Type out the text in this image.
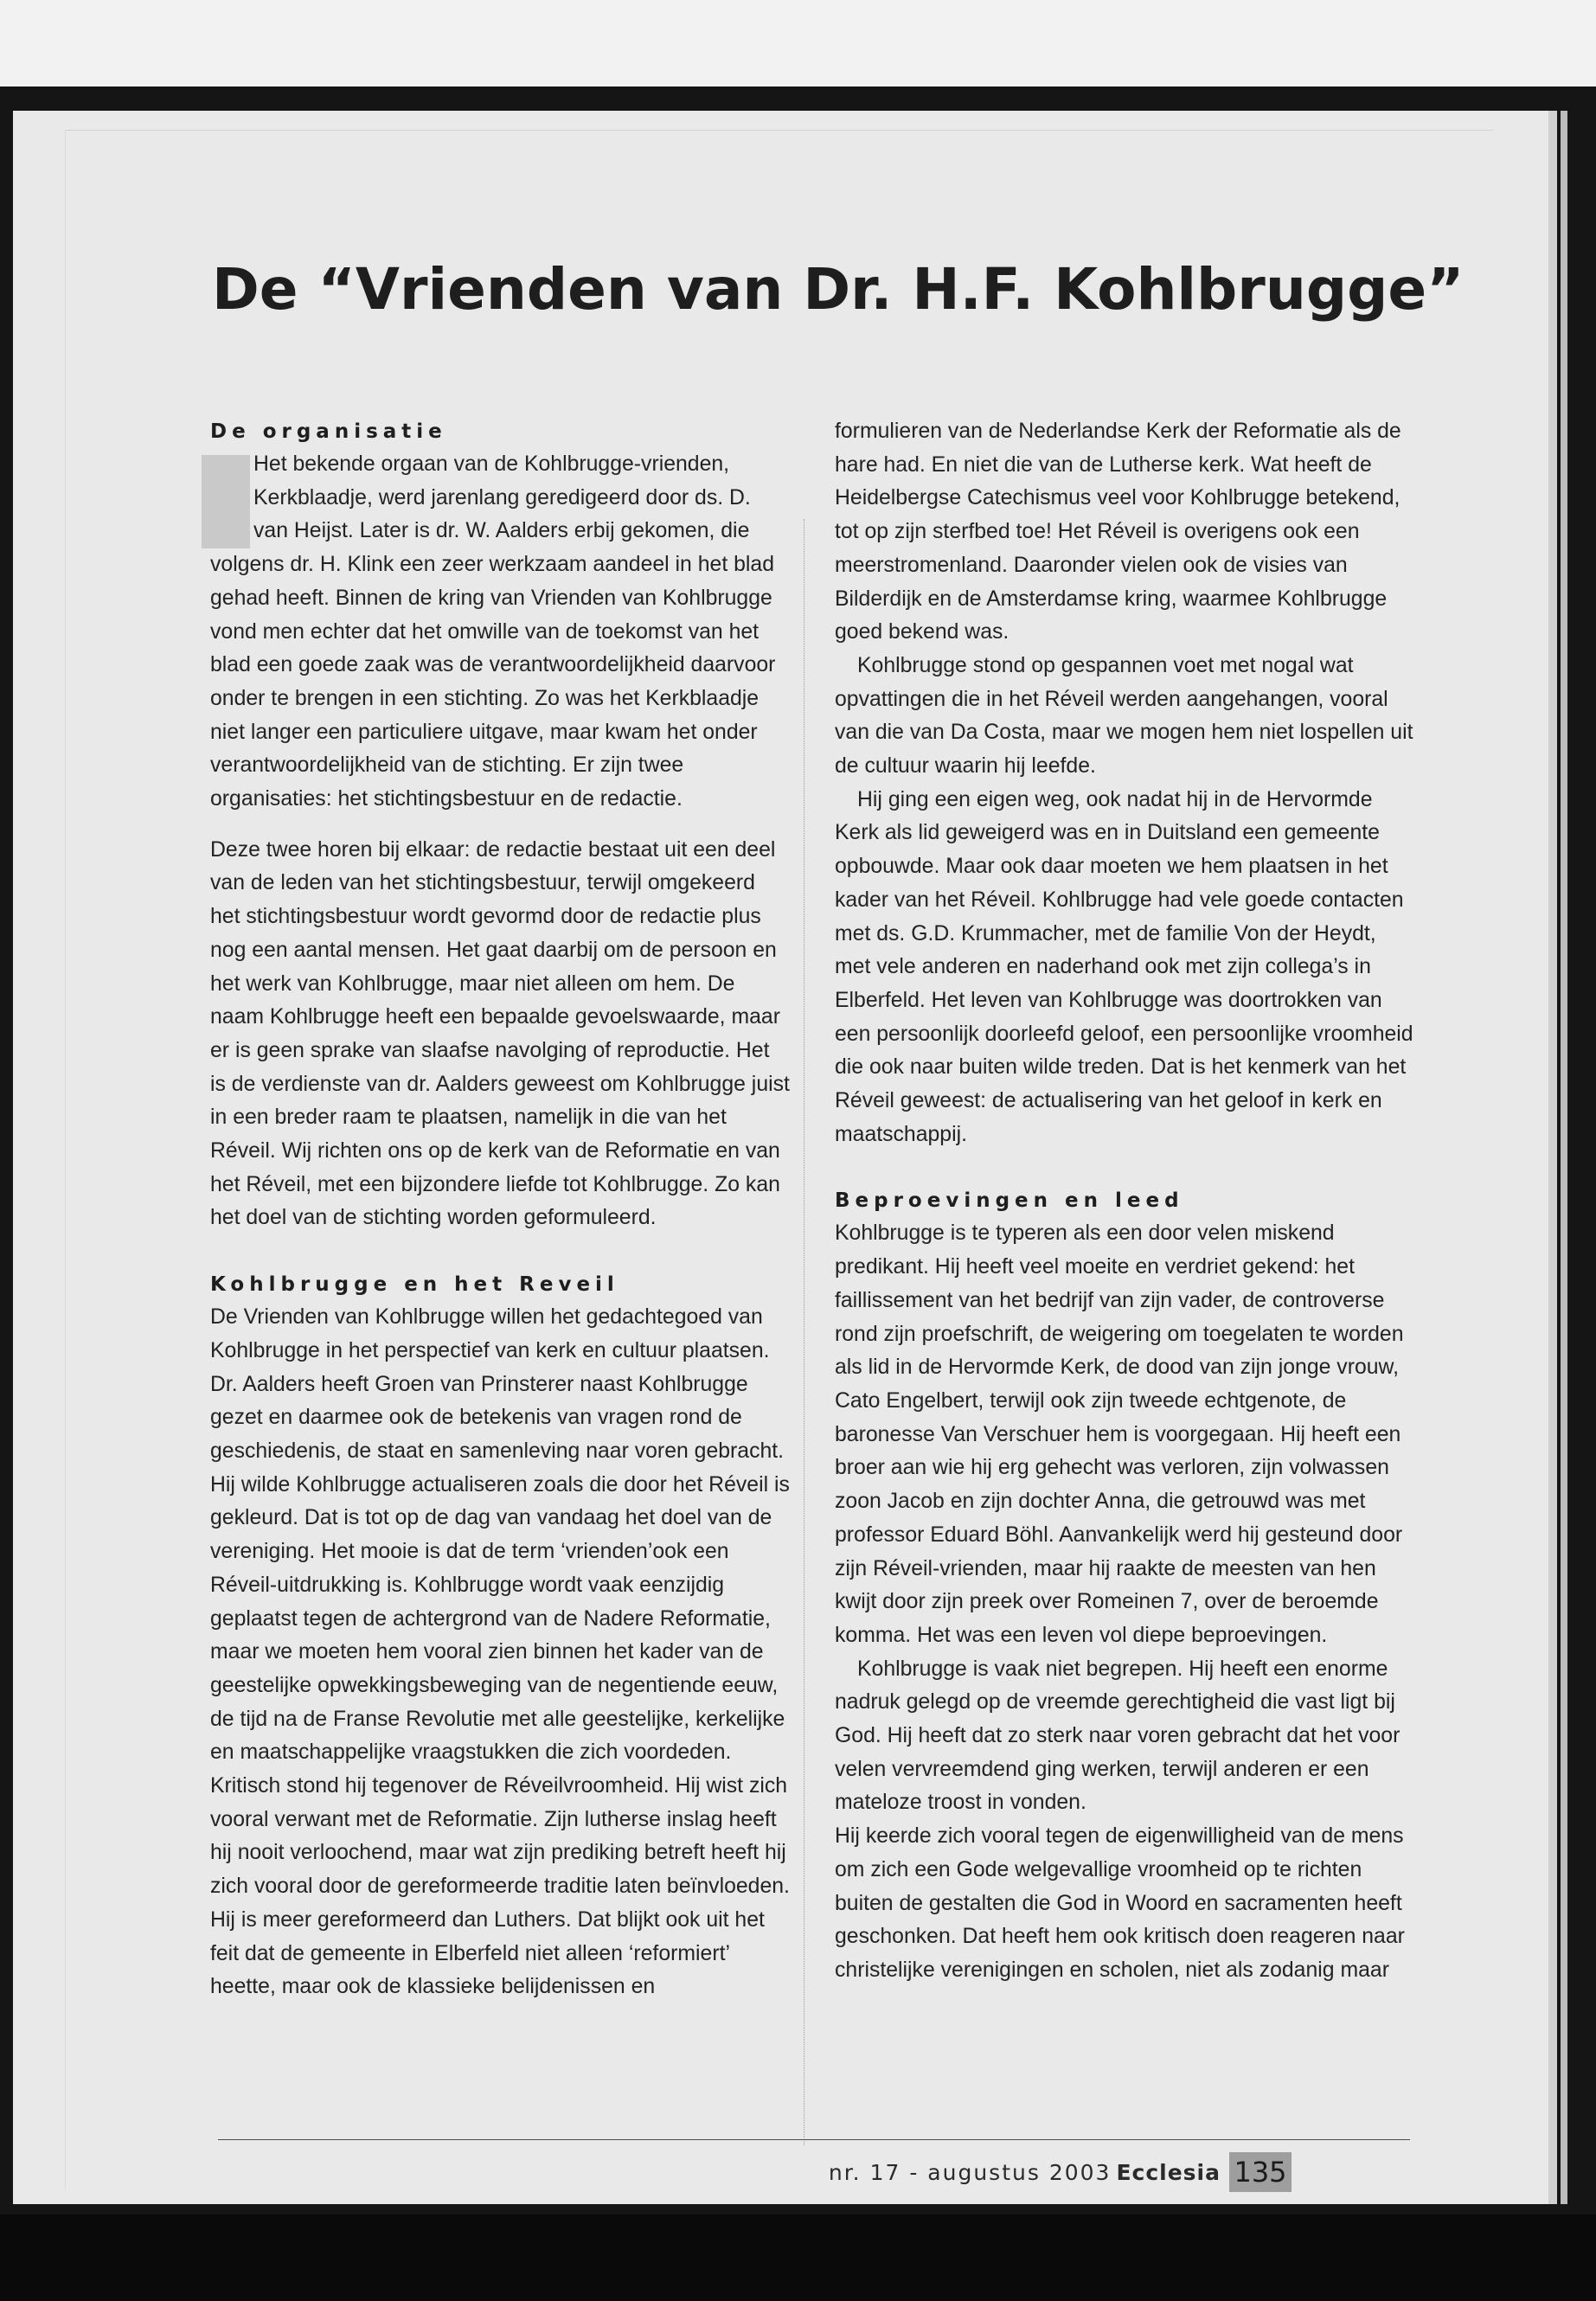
De “Vrienden van Dr. H.F. Kohlbrugge”
De organisatie

Het bekende orgaan van de Kohlbrugge-vrienden, Kerkblaadje, werd jarenlang geredigeerd door ds. D. van Heijst. Later is dr. W. Aalders erbij gekomen, die volgens dr. H. Klink een zeer werkzaam aandeel in het blad gehad heeft. Binnen de kring van Vrienden van Kohlbrugge vond men echter dat het omwille van de toekomst van het blad een goede zaak was de verantwoordelijkheid daarvoor onder te brengen in een stichting. Zo was het Kerkblaadje niet langer een particuliere uitgave, maar kwam het onder verantwoordelijkheid van de stichting. Er zijn twee organisaties: het stichtingsbestuur en de redactie.

Deze twee horen bij elkaar: de redactie bestaat uit een deel van de leden van het stichtingsbestuur, terwijl omgekeerd het stichtingsbestuur wordt gevormd door de redactie plus nog een aantal mensen. Het gaat daarbij om de persoon en het werk van Kohlbrugge, maar niet alleen om hem. De naam Kohlbrugge heeft een bepaalde gevoelswaarde, maar er is geen sprake van slaafse navolging of reproductie. Het is de verdienste van dr. Aalders geweest om Kohlbrugge juist in een breder raam te plaatsen, namelijk in die van het Réveil. Wij richten ons op de kerk van de Reformatie en van het Réveil, met een bijzondere liefde tot Kohlbrugge. Zo kan het doel van de stichting worden geformuleerd.

Kohlbrugge en het Reveil

De Vrienden van Kohlbrugge willen het gedachtegoed van Kohlbrugge in het perspectief van kerk en cultuur plaatsen. Dr. Aalders heeft Groen van Prinsterer naast Kohlbrugge gezet en daarmee ook de betekenis van vragen rond de geschiedenis, de staat en samenleving naar voren gebracht. Hij wilde Kohlbrugge actualiseren zoals die door het Réveil is gekleurd. Dat is tot op de dag van vandaag het doel van de vereniging. Het mooie is dat de term ‘vrienden’ook een Réveil-uitdrukking is. Kohlbrugge wordt vaak eenzijdig geplaatst tegen de achtergrond van de Nadere Reformatie, maar we moeten hem vooral zien binnen het kader van de geestelijke opwekkingsbeweging van de negentiende eeuw, de tijd na de Franse Revolutie met alle geestelijke, kerkelijke en maatschappelijke vraagstukken die zich voordeden. Kritisch stond hij tegenover de Réveilvroomheid. Hij wist zich vooral verwant met de Reformatie. Zijn lutherse inslag heeft hij nooit verloochend, maar wat zijn prediking betreft heeft hij zich vooral door de gereformeerde traditie laten beïnvloeden. Hij is meer gereformeerd dan Luthers. Dat blijkt ook uit het feit dat de gemeente in Elberfeld niet alleen ‘reformiert’ heette, maar ook de klassieke belijdenissen en

formulieren van de Nederlandse Kerk der Reformatie als de hare had. En niet die van de Lutherse kerk. Wat heeft de Heidelbergse Catechismus veel voor Kohlbrugge betekend, tot op zijn sterfbed toe! Het Réveil is overigens ook een meerstromenland. Daaronder vielen ook de visies van Bilderdijk en de Amsterdamse kring, waarmee Kohlbrugge goed bekend was.

Kohlbrugge stond op gespannen voet met nogal wat opvattingen die in het Réveil werden aangehangen, vooral van die van Da Costa, maar we mogen hem niet lospellen uit de cultuur waarin hij leefde.

Hij ging een eigen weg, ook nadat hij in de Hervormde Kerk als lid geweigerd was en in Duitsland een gemeente opbouwde. Maar ook daar moeten we hem plaatsen in het kader van het Réveil. Kohlbrugge had vele goede contacten met ds. G.D. Krummacher, met de familie Von der Heydt, met vele anderen en naderhand ook met zijn collega’s in Elberfeld. Het leven van Kohlbrugge was doortrokken van een persoonlijk doorleefd geloof, een persoonlijke vroomheid die ook naar buiten wilde treden. Dat is het kenmerk van het Réveil geweest: de actualisering van het geloof in kerk en maatschappij.

Beproevingen en leed

Kohlbrugge is te typeren als een door velen miskend predikant. Hij heeft veel moeite en verdriet gekend: het faillissement van het bedrijf van zijn vader, de controverse rond zijn proefschrift, de weigering om toegelaten te worden als lid in de Hervormde Kerk, de dood van zijn jonge vrouw, Cato Engelbert, terwijl ook zijn tweede echtgenote, de baronesse Van Verschuer hem is voorgegaan. Hij heeft een broer aan wie hij erg gehecht was verloren, zijn volwassen zoon Jacob en zijn dochter Anna, die getrouwd was met professor Eduard Böhl. Aanvankelijk werd hij gesteund door zijn Réveil-vrienden, maar hij raakte de meesten van hen kwijt door zijn preek over Romeinen 7, over de beroemde komma. Het was een leven vol diepe beproevingen.

Kohlbrugge is vaak niet begrepen. Hij heeft een enorme nadruk gelegd op de vreemde gerechtigheid die vast ligt bij God. Hij heeft dat zo sterk naar voren gebracht dat het voor velen vervreemdend ging werken, terwijl anderen er een mateloze troost in vonden.

Hij keerde zich vooral tegen de eigenwilligheid van de mens om zich een Gode welgevallige vroomheid op te richten buiten de gestalten die God in Woord en sacramenten heeft geschonken. Dat heeft hem ook kritisch doen reageren naar christelijke verenigingen en scholen, niet als zodanig maar

nr. 17 - augustus 2003 Ecclesia 135
